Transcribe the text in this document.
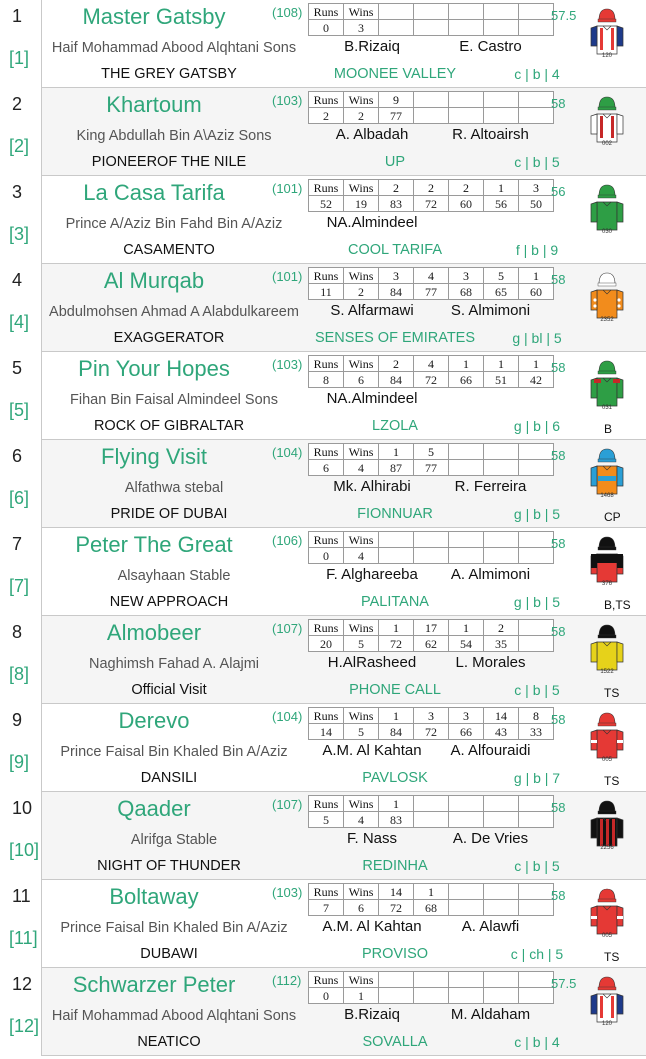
1
[1]
Master Gatsby	(108)
Haif Mohammad Abood Alqhtani Sons
THE GREY GATSBY
Runs	Wins					
0	3					
B.Rizaiq	E. Castro
MOONEE VALLEY	c | b | 4
57.5
120
2
[2]
Khartoum	(103)
King Abdullah Bin A\Aziz Sons
PIONEEROF THE NILE
Runs	Wins	9				
2	2	77				
A. Albadah	R. Altoairsh
UP	c | b | 5
58
002
3
[3]
La Casa Tarifa	(101)
Prince A/Aziz Bin Fahd Bin A/Aziz
CASAMENTO
Runs	Wins	2	2	2	1	3
52	19	83	72	60	56	50
NA.Almindeel
COOL TARIFA	f | b | 9
56
030
4
[4]
Al Murqab	(101)
Abdulmohsen Ahmad A Alabdulkareem
EXAGGERATOR
Runs	Wins	3	4	3	5	1
11	2	84	77	68	65	60
S. Alfarmawi	S. Almimoni
SENSES OF EMIRATES	g | bl | 5
58
2352
5
[5]
Pin Your Hopes	(103)
Fihan Bin Faisal Almindeel Sons
ROCK OF GIBRALTAR
Runs	Wins	2	4	1	1	1
8	6	84	72	66	51	42
NA.Almindeel
LZOLA	g | b | 6
58
031
B
6
[6]
Flying Visit	(104)
Alfathwa stebal
PRIDE OF DUBAI
Runs	Wins	1	5			
6	4	87	77			
Mk. Alhirabi	R. Ferreira
FIONNUAR	g | b | 5
58
1468
CP
7
[7]
Peter The Great	(106)
Alsayhaan Stable
NEW APPROACH
Runs	Wins					
0	4					
F. Alghareeba	A. Almimoni
PALITANA	g | b | 5
58
376
B,TS
8
[8]
Almobeer	(107)
Naghimsh Fahad A. Alajmi
Official Visit
Runs	Wins	1	17	1	2	
20	5	72	62	54	35	
H.AlRasheed	L. Morales
PHONE CALL	c | b | 5
58
1522
TS
9
[9]
Derevo	(104)
Prince Faisal Bin Khaled Bin A/Aziz
DANSILI
Runs	Wins	1	3	3	14	8
14	5	84	72	66	43	33
A.M. Al Kahtan	A. Alfouraidi
PAVLOSK	g | b | 7
58
005
TS
10
[10]
Qaader	(107)
Alrifga Stable
NIGHT OF THUNDER
Runs	Wins	1				
5	4	83				
F. Nass	A. De Vries
REDINHA	c | b | 5
58
2256
11
[11]
Boltaway	(103)
Prince Faisal Bin Khaled Bin A/Aziz
DUBAWI
Runs	Wins	14	1			
7	6	72	68			
A.M. Al Kahtan	A. Alawfi
PROVISO	c | ch | 5
58
005
TS
12
[12]
Schwarzer Peter	(112)
Haif Mohammad Abood Alqhtani Sons
NEATICO
Runs	Wins					
0	1					
B.Rizaiq	M. Aldaham
SOVALLA	c | b | 4
57.5
120
